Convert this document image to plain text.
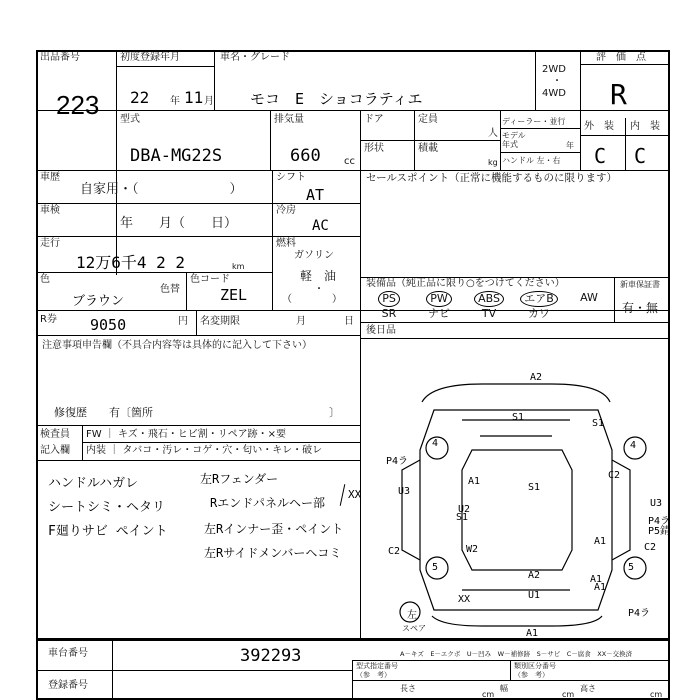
出品番号
223
初度登録年月
22 年 11 月
車名・グレード
モコ　E　ショコラティエ
2WD
・
4WD
評　価　点
R
型式
DBA-MG22S
排気量
660 cc
ドア	定員
人
形状	積載
kg
ディーラー・並行
モデル
年式	年
ハンドル 左・右
外　装 内　装
C C
車歴
自家用・（　　　　　　　）
車検
年　　月（　　日）
走行
12万6千4 2 2	km
色
ブラウン
色替
色コード
ZEL	（　　　　）
シフト
AT
冷房
AC
燃料
ガソリン
軽　油
・
R券 9050	円 名変期限	月	日
セールスポイント（正常に機能するものに限ります）
装備品（純正品に限り○をつけてください）	新車保証書
有・無
PS	PW	ABS	エアB	AW
SR	ナビ	TV	カワ
後日品
注意事項申告欄（不具合内容等は具体的に記入して下さい）
修復歴　　有〔箇所　　　　　　　　　　　　　　　　〕
検査員
記入欄
FW ｜ キズ・飛石・ヒビ割・リペア跡・×要
内装 ｜ タバコ・汚レ・コゲ・穴・匂い・キレ・破レ
ハンドルハガレ
シートシミ・ヘタリ
F廻りサビ ペイント
左Rフェンダー
Rエンドパネルヘー部
左Rインナー歪・ペイント
左Rサイドメンバーヘコミ
XX
A2
S1
S1
S1
4	4
P4ラ
C2
U3
A1
U2
S1
U3
P4ラ
P5錆
C2
A1
C2
W2
5	5
A2
U1
XX
A1
A1
P4ラ
A1
左
スペア
A－キズ　E－エクボ　U－凹み　W－補修跡　S－サビ　C－腐食　XX－交換済
車台番号	392293
登録番号
型式指定番号
（参　考）
類別区分番号
（参　考）
長さ
cm
幅
cm
高さ
cm
